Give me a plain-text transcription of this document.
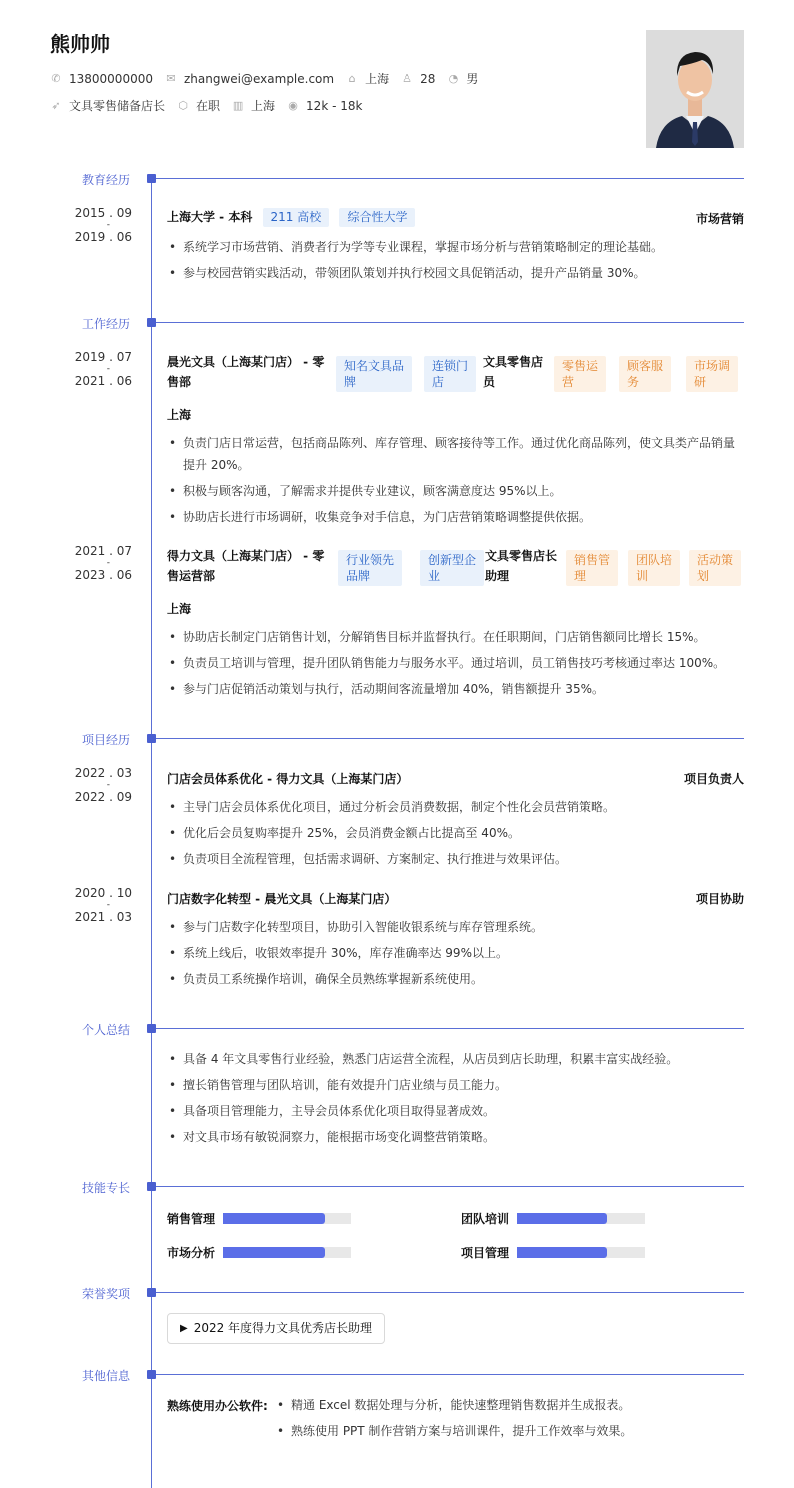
熊帅帅
✆ 13800000000 ✉ zhangwei@example.com ⌂ 上海 ♙ 28 ◔ 男
➶ 文具零售储备店长 ⬡ 在职 ▥ 上海 ◉ 12k - 18k
教育经历
2015 . 09
-
2019 . 06
上海大学 - 本科 211 高校 综合性大学	市场营销
• 系统学习市场营销、消费者行为学等专业课程，掌握市场分析与营销策略制定的理论基础。
• 参与校园营销实践活动，带领团队策划并执行校园文具促销活动，提升产品销量 30%。
工作经历
2019 . 07
-
2021 . 06
晨光文具（上海某门店） - 零
售部
知名文具品
牌
连锁门
店
文具零售店
员
零售运
营
顾客服
务
市场调
研
上海
• 负责门店日常运营，包括商品陈列、库存管理、顾客接待等工作。通过优化商品陈列，使文具类产品销量提升 20%。
• 积极与顾客沟通，了解需求并提供专业建议，顾客满意度达 95%以上。
• 协助店长进行市场调研，收集竞争对手信息，为门店营销策略调整提供依据。
2021 . 07
-
2023 . 06
得力文具（上海某门店） - 零
售运营部
行业领先
品牌
创新型企
业
文具零售店长
助理
销售管
理
团队培
训
活动策
划
上海
• 协助店长制定门店销售计划，分解销售目标并监督执行。在任职期间，门店销售额同比增长 15%。
• 负责员工培训与管理，提升团队销售能力与服务水平。通过培训，员工销售技巧考核通过率达 100%。
• 参与门店促销活动策划与执行，活动期间客流量增加 40%，销售额提升 35%。
项目经历
2022 . 03
-
2022 . 09
门店会员体系优化 - 得力文具（上海某门店）	项目负责人
• 主导门店会员体系优化项目，通过分析会员消费数据，制定个性化会员营销策略。
• 优化后会员复购率提升 25%，会员消费金额占比提高至 40%。
• 负责项目全流程管理，包括需求调研、方案制定、执行推进与效果评估。
2020 . 10
-
2021 . 03
门店数字化转型 - 晨光文具（上海某门店）	项目协助
• 参与门店数字化转型项目，协助引入智能收银系统与库存管理系统。
• 系统上线后，收银效率提升 30%，库存准确率达 99%以上。
• 负责员工系统操作培训，确保全员熟练掌握新系统使用。
个人总结
• 具备 4 年文具零售行业经验，熟悉门店运营全流程，从店员到店长助理，积累丰富实战经验。
• 擅长销售管理与团队培训，能有效提升门店业绩与员工能力。
• 具备项目管理能力，主导会员体系优化项目取得显著成效。
• 对文具市场有敏锐洞察力，能根据市场变化调整营销策略。
技能专长
销售管理	团队培训
市场分析	项目管理
荣誉奖项
▶ 2022 年度得力文具优秀店长助理
其他信息
熟练使用办公软件:
•	精通 Excel 数据处理与分析，能快速整理销售数据并生成报表。
• 熟练使用 PPT 制作营销方案与培训课件，提升工作效率与效果。
